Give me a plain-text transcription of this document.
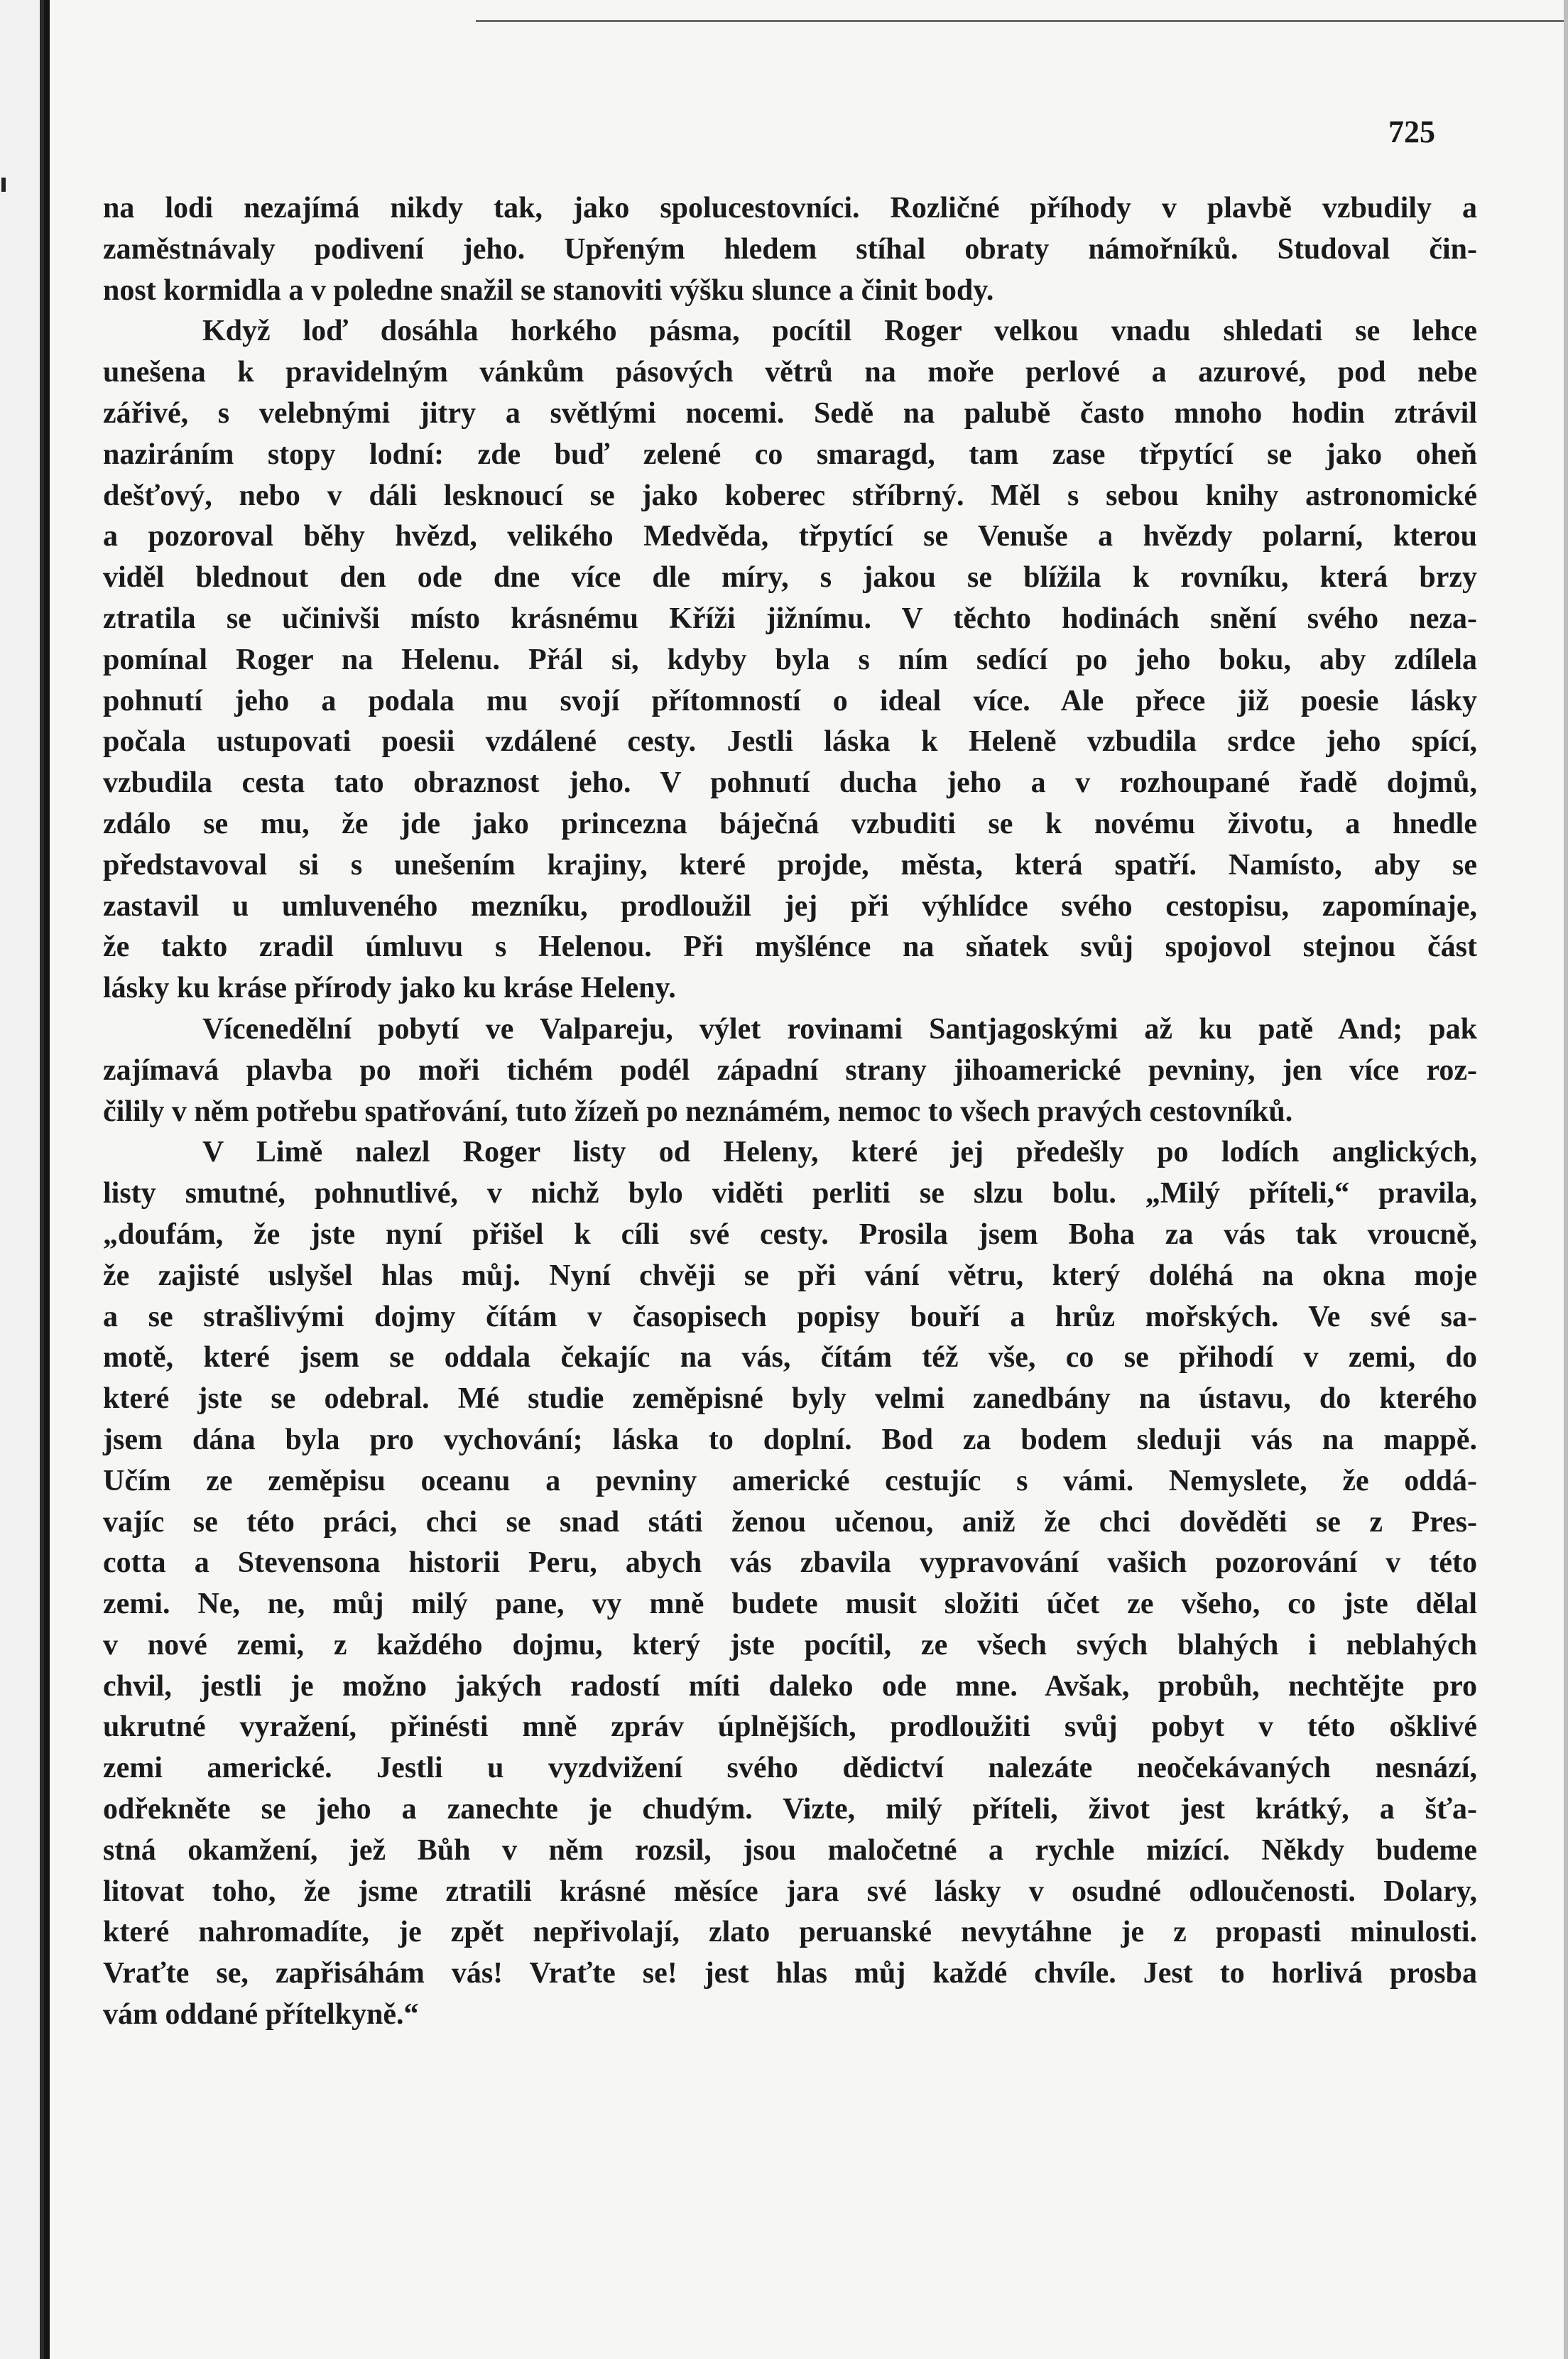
725
na lodi nezajímá nikdy tak, jako spolucestovníci. Rozličné příhody v plavbě vzbudily a
zaměstnávaly podivení jeho. Upřeným hledem stíhal obraty námořníků. Studoval čin-
nost kormidla a v poledne snažil se stanoviti výšku slunce a činit body.
Když loď dosáhla horkého pásma, pocítil Roger velkou vnadu shledati se lehce
unešena k pravidelným vánkům pásových větrů na moře perlové a azurové, pod nebe
zářivé, s velebnými jitry a světlými nocemi. Sedě na palubě často mnoho hodin ztrávil
naziráním stopy lodní: zde buď zelené co smaragd, tam zase třpytící se jako oheň
dešťový, nebo v dáli lesknoucí se jako koberec stříbrný. Měl s sebou knihy astronomické
a pozoroval běhy hvězd, velikého Medvěda, třpytící se Venuše a hvězdy polarní, kterou
viděl blednout den ode dne více dle míry, s jakou se blížila k rovníku, která brzy
ztratila se učinivši místo krásnému Kříži jižnímu. V těchto hodinách snění svého neza-
pomínal Roger na Helenu. Přál si, kdyby byla s ním sedící po jeho boku, aby zdílela
pohnutí jeho a podala mu svojí přítomností o ideal více. Ale přece již poesie lásky
počala ustupovati poesii vzdálené cesty. Jestli láska k Heleně vzbudila srdce jeho spící,
vzbudila cesta tato obraznost jeho. V pohnutí ducha jeho a v rozhoupané řadě dojmů,
zdálo se mu, že jde jako princezna báječná vzbuditi se k novému životu, a hnedle
představoval si s unešením krajiny, které projde, města, která spatří. Namísto, aby se
zastavil u umluveného mezníku, prodloužil jej při výhlídce svého cestopisu, zapomínaje,
že takto zradil úmluvu s Helenou. Při myšlénce na sňatek svůj spojovol stejnou část
lásky ku kráse přírody jako ku kráse Heleny.
Vícenedělní pobytí ve Valpareju, výlet rovinami Santjagoskými až ku patě And; pak
zajímavá plavba po moři tichém podél západní strany jihoamerické pevniny, jen více roz-
čilily v něm potřebu spatřování, tuto žízeň po neznámém, nemoc to všech pravých cestovníků.
V Limě nalezl Roger listy od Heleny, které jej předešly po lodích anglických,
listy smutné, pohnutlivé, v nichž bylo viděti perliti se slzu bolu. „Milý příteli,“ pravila,
„doufám, že jste nyní přišel k cíli své cesty. Prosila jsem Boha za vás tak vroucně,
že zajisté uslyšel hlas můj. Nyní chvěji se při vání větru, který doléhá na okna moje
a se strašlivými dojmy čítám v časopisech popisy bouří a hrůz mořských. Ve své sa-
motě, které jsem se oddala čekajíc na vás, čítám též vše, co se přihodí v zemi, do
které jste se odebral. Mé studie zeměpisné byly velmi zanedbány na ústavu, do kterého
jsem dána byla pro vychování; láska to doplní. Bod za bodem sleduji vás na mappě.
Učím ze zeměpisu oceanu a pevniny americké cestujíc s vámi. Nemyslete, že oddá-
vajíc se této práci, chci se snad státi ženou učenou, aniž že chci dověděti se z Pres-
cotta a Stevensona historii Peru, abych vás zbavila vypravování vašich pozorování v této
zemi. Ne, ne, můj milý pane, vy mně budete musit složiti účet ze všeho, co jste dělal
v nové zemi, z každého dojmu, který jste pocítil, ze všech svých blahých i neblahých
chvil, jestli je možno jakých radostí míti daleko ode mne. Avšak, probůh, nechtějte pro
ukrutné vyražení, přinésti mně zpráv úplnějších, prodloužiti svůj pobyt v této ošklivé
zemi americké. Jestli u vyzdvižení svého dědictví nalezáte neočekávaných nesnází,
odřekněte se jeho a zanechte je chudým. Vizte, milý příteli, život jest krátký, a šťa-
stná okamžení, jež Bůh v něm rozsil, jsou maločetné a rychle mizící. Někdy budeme
litovat toho, že jsme ztratili krásné měsíce jara své lásky v osudné odloučenosti. Dolary,
které nahromadíte, je zpět nepřivolají, zlato peruanské nevytáhne je z propasti minulosti.
Vraťte se, zapřisáhám vás! Vraťte se! jest hlas můj každé chvíle. Jest to horlivá prosba
vám oddané přítelkyně.“
